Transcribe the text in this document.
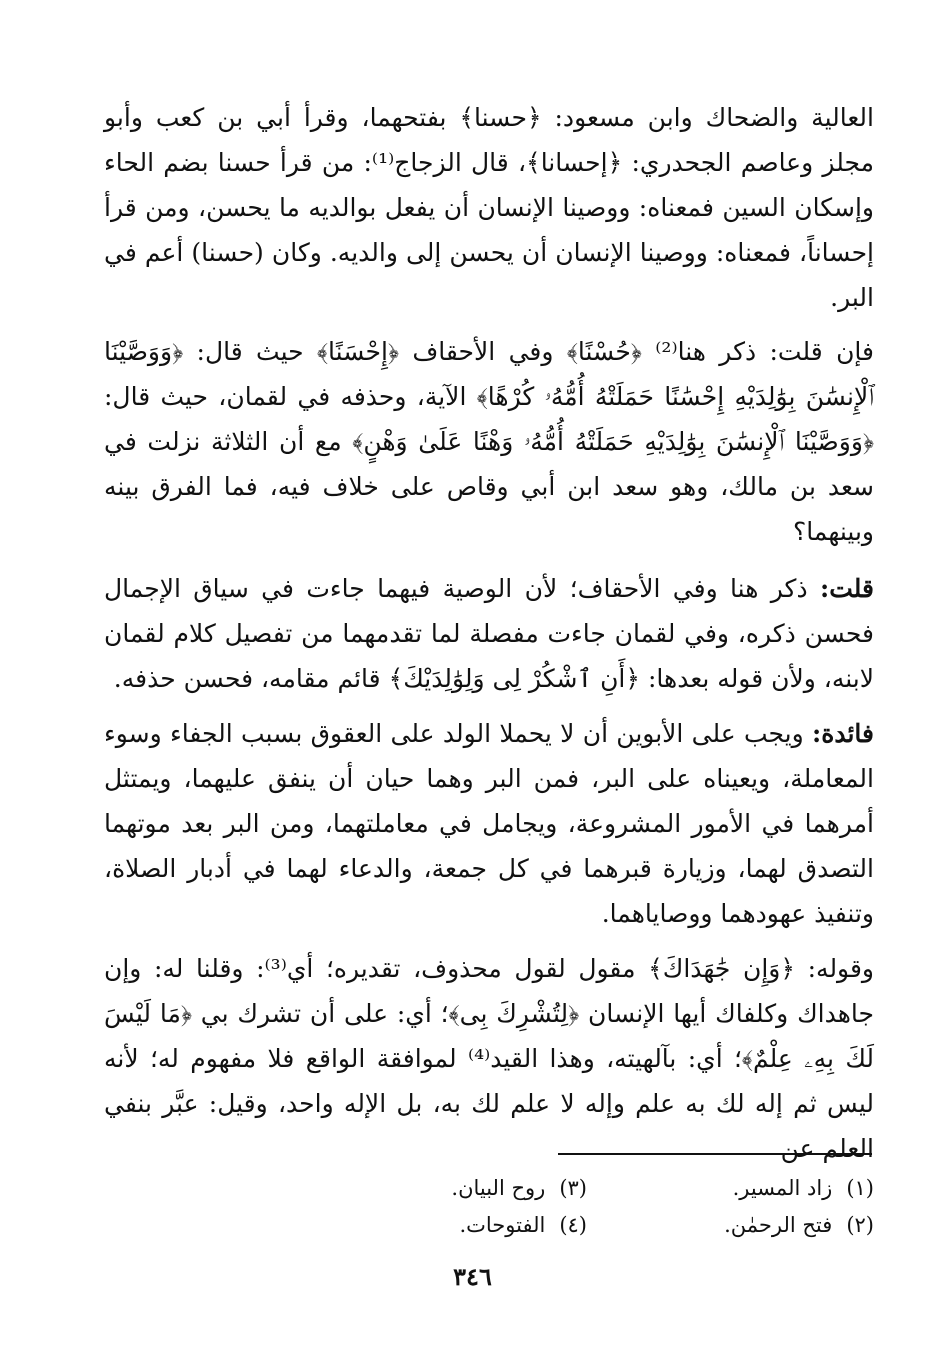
العالية والضحاك وابن مسعود: ﴿حسنا﴾ بفتحهما، وقرأ أبي بن كعب وأبو مجلز وعاصم الجحدري: ﴿إحسانا﴾، قال الزجاج⁽¹⁾: من قرأ حسنا بضم الحاء وإسكان السين فمعناه: ووصينا الإنسان أن يفعل بوالديه ما يحسن، ومن قرأ إحساناً، فمعناه: ووصينا الإنسان أن يحسن إلى والديه. وكان (حسنا) أعم في البر.

فإن قلت: ذكر هنا⁽²⁾ ﴿حُسْنًا﴾ وفي الأحقاف ﴿إِحْسَنًا﴾ حيث قال: ﴿وَوَصَّيْنَا ٱلْإِنسَٰنَ بِوَٰلِدَيْهِ إِحْسَٰنًا حَمَلَتْهُ أُمُّهُۥ كُرْهًا﴾ الآية، وحذفه في لقمان، حيث قال: ﴿وَوَصَّيْنَا ٱلْإِنسَٰنَ بِوَٰلِدَيْهِ حَمَلَتْهُ أُمُّهُۥ وَهْنًا عَلَىٰ وَهْنٍ﴾ مع أن الثلاثة نزلت في سعد بن مالك، وهو سعد ابن أبي وقاص على خلاف فيه، فما الفرق بينه وبينهما؟

قلت: ذكر هنا وفي الأحقاف؛ لأن الوصية فيهما جاءت في سياق الإجمال فحسن ذكره، وفي لقمان جاءت مفصلة لما تقدمهما من تفصيل كلام لقمان لابنه، ولأن قوله بعدها: ﴿أَنِ ٱشْكُرْ لِى وَلِوَٰلِدَيْكَ﴾ قائم مقامه، فحسن حذفه.

فائدة: ويجب على الأبوين أن لا يحملا الولد على العقوق بسبب الجفاء وسوء المعاملة، ويعيناه على البر، فمن البر وهما حيان أن ينفق عليهما، ويمتثل أمرهما في الأمور المشروعة، ويجامل في معاملتهما، ومن البر بعد موتهما التصدق لهما، وزيارة قبرهما في كل جمعة، والدعاء لهما في أدبار الصلاة، وتنفيذ عهودهما ووصاياهما.

وقوله: ﴿وَإِن جَٰهَدَاكَ﴾ مقول لقول محذوف، تقديره؛ أي⁽³⁾: وقلنا له: وإن جاهداك وكلفاك أيها الإنسان ﴿لِتُشْرِكَ بِى﴾؛ أي: على أن تشرك بي ﴿مَا لَيْسَ لَكَ بِهِۦ عِلْمٌ﴾؛ أي: بآلهيته، وهذا القيد⁽⁴⁾ لموافقة الواقع فلا مفهوم له؛ لأنه ليس ثم إله لك به علم وإله لا علم لك به، بل الإله واحد، وقيل: عبَّر بنفي العلم عن

(١)زاد المسير.
(٣)روح البيان.
(٢)فتح الرحمٰن.
(٤)الفتوحات.
٣٤٦
